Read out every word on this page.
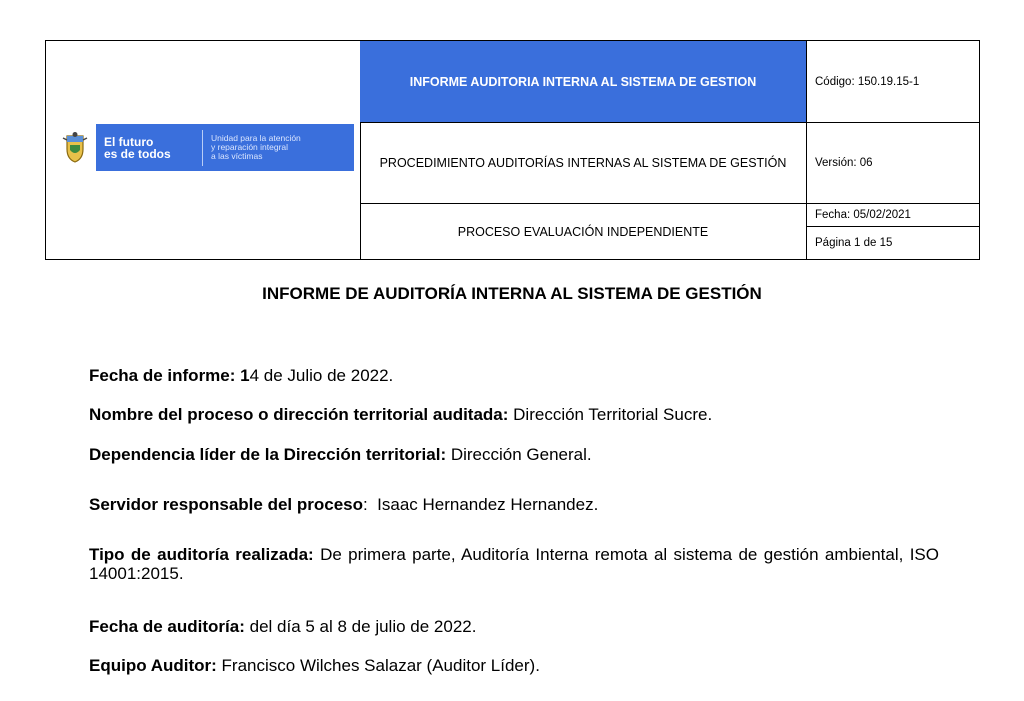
El futuro
es de todos
Unidad para la atención
y reparación integral
a las víctimas
INFORME AUDITORIA INTERNA AL SISTEMA DE GESTION
PROCEDIMIENTO AUDITORÍAS INTERNAS AL SISTEMA DE GESTIÓN
PROCESO EVALUACIÓN INDEPENDIENTE
Código: 150.19.15-1
Versión: 06
Fecha: 05/02/2021
Página 1 de 15
INFORME DE AUDITORÍA INTERNA AL SISTEMA DE GESTIÓN
Fecha de informe: 14 de Julio de 2022.
Nombre del proceso o dirección territorial auditada: Dirección Territorial Sucre.
Dependencia líder de la Dirección territorial: Dirección General.
Servidor responsable del proceso:  Isaac Hernandez Hernandez.
Tipo de auditoría realizada: De primera parte, Auditoría Interna remota al sistema de gestión ambiental, ISO 14001:2015.
Fecha de auditoría: del día 5 al 8 de julio de 2022.
Equipo Auditor: Francisco Wilches Salazar (Auditor Líder).
